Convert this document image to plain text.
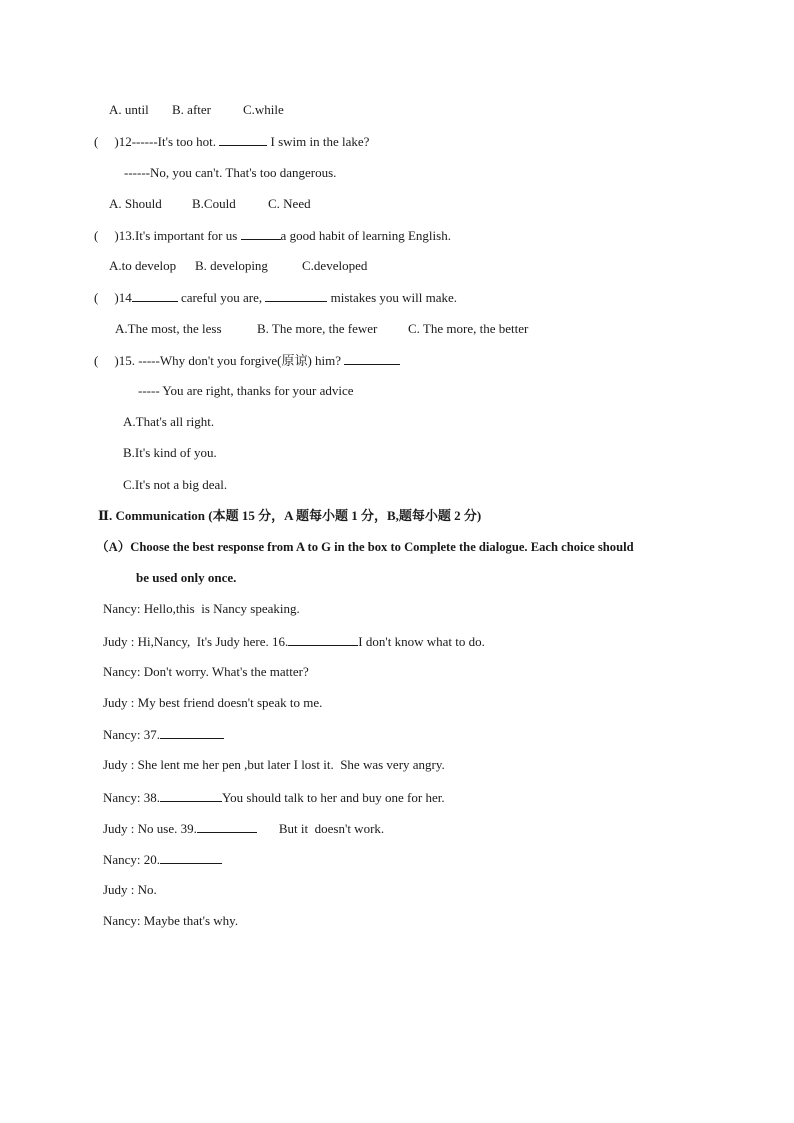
A. until B. after C.while
( )12------It's too hot.	I swim in the lake?
------No, you can't. That's too dangerous.
A. Should B.Could C. Need
( )13.It's important for us	a good habit of learning English.
A.to develop B. developing	C.developed
( )14	careful you are,	mistakes you will make.
A.The most, the less	B. The more, the fewer C. The more, the better
( )15. -----Why don't you forgive(原谅) him?
----- You are right, thanks for your advice
A.That's all right.
B.It's kind of you.
C.It's not a big deal.
Ⅱ. Communication (本题 15 分，A 题每小题 1 分，B,题每小题 2 分)
（A）Choose the best response from A to G in the box to Complete the dialogue. Each choice should
be used only once.
Nancy: Hello,this  is Nancy speaking.
Judy : Hi,Nancy,  It's Judy here. 16.	I don't know what to do.
Nancy: Don't worry. What's the matter?
Judy : My best friend doesn't speak to me.
Nancy: 37.
Judy : She lent me her pen ,but later I lost it.  She was very angry.
Nancy: 38.	You should talk to her and buy one for her.
Judy : No use. 39.	But it  doesn't work.
Nancy: 20.
Judy : No.
Nancy: Maybe that's why.
